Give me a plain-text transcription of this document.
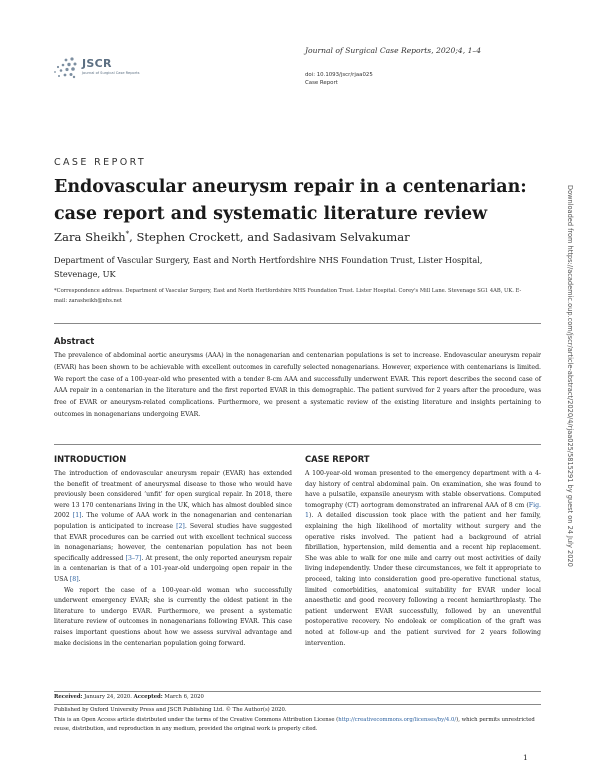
JSCR
Journal of Surgical Case Reports
Journal of Surgical Case Reports, 2020;4, 1–4
doi: 10.1093/jscr/rjaa025
Case Report
CASE REPORT
Endovascular aneurysm repair in a centenarian: case report and systematic literature review
Zara Sheikh*, Stephen Crockett, and Sadasivam Selvakumar
Department of Vascular Surgery, East and North Hertfordshire NHS Foundation Trust, Lister Hospital, Stevenage, UK
*Correspondence address. Department of Vascular Surgery, East and North Hertfordshire NHS Foundation Trust. Lister Hospital. Corey's Mill Lane. Stevenage SG1 4AB, UK. E-mail: zarasheikh@nhs.net
Abstract
The prevalence of abdominal aortic aneurysms (AAA) in the nonagenarian and centenarian populations is set to increase. Endovascular aneurysm repair (EVAR) has been shown to be achievable with excellent outcomes in carefully selected nonagenarians. However, experience with centenarians is limited. We report the case of a 100-year-old who presented with a tender 8-cm AAA and successfully underwent EVAR. This report describes the second case of AAA repair in a centenarian in the literature and the first reported EVAR in this demographic. The patient survived for 2 years after the procedure, was free of EVAR or aneurysm-related complications. Furthermore, we present a systematic review of the existing literature and insights pertaining to outcomes in nonagenarians undergoing EVAR.
INTRODUCTION

The introduction of endovascular aneurysm repair (EVAR) has extended the benefit of treatment of aneurysmal disease to those who would have previously been considered ‘unfit’ for open surgical repair. In 2018, there were 13 170 centenarians living in the UK, which has almost doubled since 2002 [1]. The volume of AAA work in the nonagenarian and centenarian population is anticipated to increase [2]. Several studies have suggested that EVAR procedures can be carried out with excellent technical success in nonagenarians; however, the centenarian population has not been specifically addressed [3–7]. At present, the only reported aneurysm repair in a centenarian is that of a 101-year-old undergoing open repair in the USA [8].

We report the case of a 100-year-old woman who successfully underwent emergency EVAR; she is currently the oldest patient in the literature to undergo EVAR. Furthermore, we present a systematic literature review of outcomes in nonagenarians following EVAR. This case raises important questions about how we assess survival advantage and make decisions in the centenarian population going forward.

CASE REPORT

A 100-year-old woman presented to the emergency department with a 4-day history of central abdominal pain. On examination, she was found to have a pulsatile, expansile aneurysm with stable observations. Computed tomography (CT) aortogram demonstrated an infrarenal AAA of 8 cm (Fig. 1). A detailed discussion took place with the patient and her family, explaining the high likelihood of mortality without surgery and the operative risks involved. The patient had a background of atrial fibrillation, hypertension, mild dementia and a recent hip replacement. She was able to walk for one mile and carry out most activities of daily living independently. Under these circumstances, we felt it appropriate to proceed, taking into consideration good pre-operative functional status, limited comorbidities, anatomical suitability for EVAR under local anaesthetic and good recovery following a recent hemiarthroplasty. The patient underwent EVAR successfully, followed by an uneventful postoperative recovery. No endoleak or complication of the graft was noted at follow-up and the patient survived for 2 years following intervention.

Downloaded from https://academic.oup.com/jscr/article-abstract/2020/4/rjaa025/5815291 by guest on 24 July 2020
Received: January 24, 2020. Accepted: March 6, 2020
Published by Oxford University Press and JSCR Publishing Ltd. © The Author(s) 2020.
This is an Open Access article distributed under the terms of the Creative Commons Attribution License (http://creativecommons.org/licenses/by/4.0/), which permits unrestricted reuse, distribution, and reproduction in any medium, provided the original work is properly cited.
1
